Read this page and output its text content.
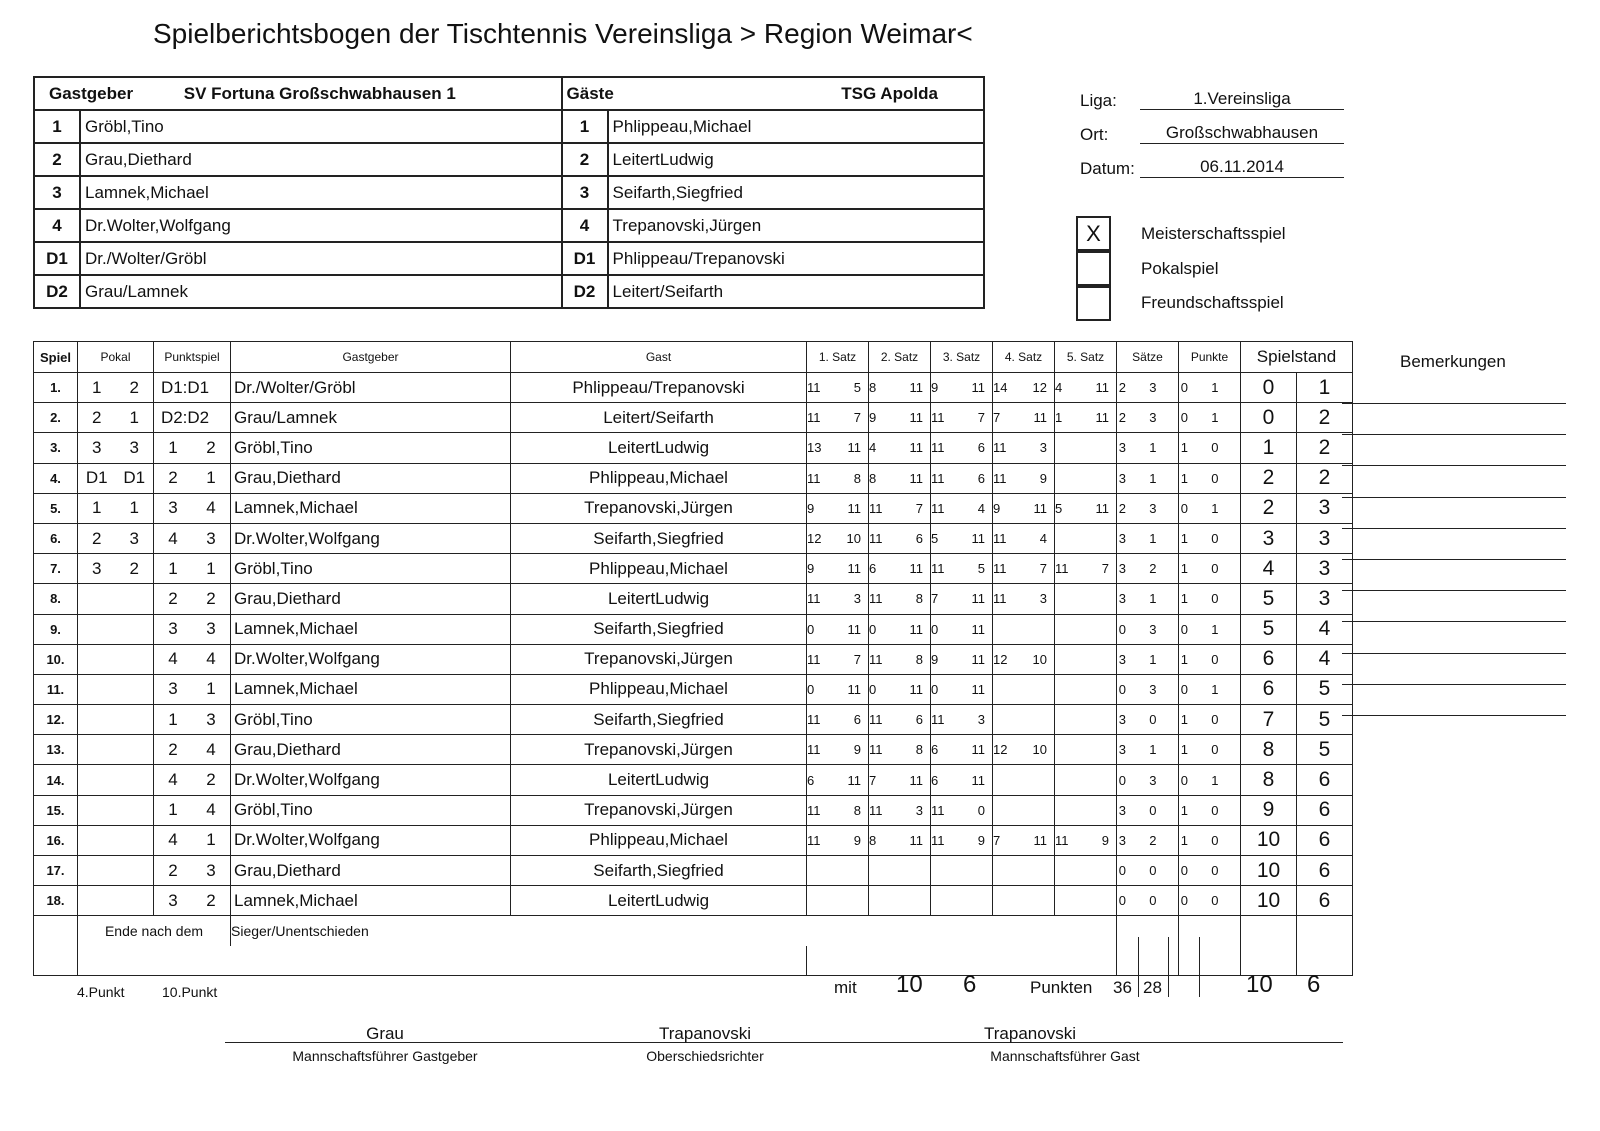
Spielberichtsbogen der Tischtennis Vereinsliga > Region Weimar<
Gastgeber SV Fortuna Großschwabhausen 1		Gäste TSG Apolda	
1	Gröbl,Tino	1	Phlippeau,Michael
2	Grau,Diethard	2	LeitertLudwig
3	Lamnek,Michael	3	Seifarth,Siegfried
4	Dr.Wolter,Wolfgang	4	Trepanovski,Jürgen
D1	Dr./Wolter/Gröbl	D1	Phlippeau/Trepanovski
D2	Grau/Lamnek	D2	Leitert/Seifarth
Liga:	1.Vereinsliga
Ort:	Großschwabhausen
Datum:	06.11.2014
X	Meisterschaftsspiel
Pokalspiel
Freundschaftsspiel
Spiel	Pokal	Punktspiel	Gastgeber	Gast	1. Satz	2. Satz	3. Satz	4. Satz	5. Satz	Sätze	Punkte	Spielstand	
1.	1 2	D1:D1	Dr./Wolter/Gröbl	Phlippeau/Trepanovski	11 5	8 11	9 11	14 12	4 11	2 3	0 1	0	1
2.	2 1	D2:D2	Grau/Lamnek	Leitert/Seifarth	11 7	9 11	11 7	7 11	1 11	2 3	0 1	0	2
3.	3 3	1 2	Gröbl,Tino	LeitertLudwig	13 11	4 11	11 6	11 3		3 1	1 0	1	2
4.	D1 D1	2 1	Grau,Diethard	Phlippeau,Michael	11 8	8 11	11 6	11 9		3 1	1 0	2	2
5.	1 1	3 4	Lamnek,Michael	Trepanovski,Jürgen	9 11	11 7	11 4	9 11	5 11	2 3	0 1	2	3
6.	2 3	4 3	Dr.Wolter,Wolfgang	Seifarth,Siegfried	12 10	11 6	5 11	11 4		3 1	1 0	3	3
7.	3 2	1 1	Gröbl,Tino	Phlippeau,Michael	9 11	6 11	11 5	11 7	11 7	3 2	1 0	4	3
8.		2 2	Grau,Diethard	LeitertLudwig	11 3	11 8	7 11	11 3		3 1	1 0	5	3
9.		3 3	Lamnek,Michael	Seifarth,Siegfried	0 11	0 11	0 11			0 3	0 1	5	4
10.		4 4	Dr.Wolter,Wolfgang	Trepanovski,Jürgen	11 7	11 8	9 11	12 10		3 1	1 0	6	4
11.		3 1	Lamnek,Michael	Phlippeau,Michael	0 11	0 11	0 11			0 3	0 1	6	5
12.		1 3	Gröbl,Tino	Seifarth,Siegfried	11 6	11 6	11 3			3 0	1 0	7	5
13.		2 4	Grau,Diethard	Trepanovski,Jürgen	11 9	11 8	6 11	12 10		3 1	1 0	8	5
14.		4 2	Dr.Wolter,Wolfgang	LeitertLudwig	6 11	7 11	6 11			0 3	0 1	8	6
15.		1 4	Gröbl,Tino	Trepanovski,Jürgen	11 8	11 3	11 0			3 0	1 0	9	6
16.		4 1	Dr.Wolter,Wolfgang	Phlippeau,Michael	11 9	8 11	11 9	7 11	11 9	3 2	1 0	10	6
17.		2 3	Grau,Diethard	Seifarth,Siegfried						0 0	0 0	10	6
18.		3 2	Lamnek,Michael	LeitertLudwig						0 0	0 0	10	6
	Ende nach dem		Sieger/Unentschieden										

Bemerkungen
4.Punkt	10.Punkt	mit 10 6	Punkten 36 28	10 6
Grau
Mannschaftsführer Gastgeber
Trapanovski
Oberschiedsrichter
Trapanovski
Mannschaftsführer Gast
